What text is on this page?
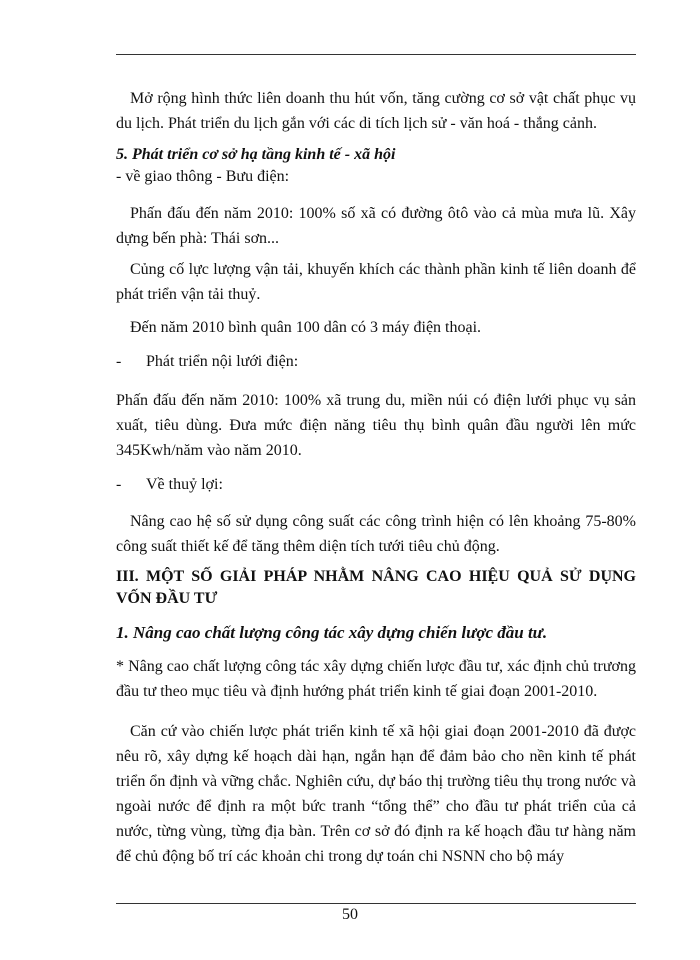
Mở rộng hình thức liên doanh thu hút vốn, tăng cường cơ sở vật chất phục vụ du lịch. Phát triển du lịch gắn với các di tích lịch sử - văn hoá - thắng cảnh.

5. Phát triển cơ sở hạ tầng kinh tế - xã hội

- về giao thông - Bưu điện:

Phấn đấu đến năm 2010: 100% số xã có đường ôtô vào cả mùa mưa lũ. Xây dựng bến phà: Thái sơn...

Củng cố lực lượng vận tải, khuyến khích các thành phần kinh tế liên doanh để phát triển vận tải thuỷ.

Đến năm 2010 bình quân 100 dân có 3 máy điện thoại.

- Phát triển nội lưới điện:

Phấn đấu đến năm 2010: 100% xã trung du, miền núi có điện lưới phục vụ sản xuất, tiêu dùng. Đưa mức điện năng tiêu thụ bình quân đầu người lên mức 345Kwh/năm vào năm 2010.

- Về thuỷ lợi:

Nâng cao hệ số sử dụng công suất các công trình hiện có lên khoảng 75-80% công suất thiết kế để tăng thêm diện tích tưới tiêu chủ động.

III. MỘT SỐ GIẢI PHÁP NHẰM NÂNG CAO HIỆU QUẢ SỬ DỤNG VỐN ĐẦU TƯ

1. Nâng cao chất lượng công tác xây dựng chiến lược đầu tư.

* Nâng cao chất lượng công tác xây dựng chiến lược đầu tư, xác định chủ trương đầu tư theo mục tiêu và định hướng phát triển kinh tế giai đoạn 2001-2010.

Căn cứ vào chiến lược phát triển kinh tế xã hội giai đoạn 2001-2010 đã được nêu rõ, xây dựng kế hoạch dài hạn, ngắn hạn để đảm bảo cho nền kinh tế phát triển ổn định và vững chắc. Nghiên cứu, dự báo thị trường tiêu thụ trong nước và ngoài nước để định ra một bức tranh “tổng thể” cho đầu tư phát triển của cả nước, từng vùng, từng địa bàn. Trên cơ sở đó định ra kế hoạch đầu tư hàng năm để chủ động bố trí các khoản chi trong dự toán chi NSNN cho bộ máy

50
